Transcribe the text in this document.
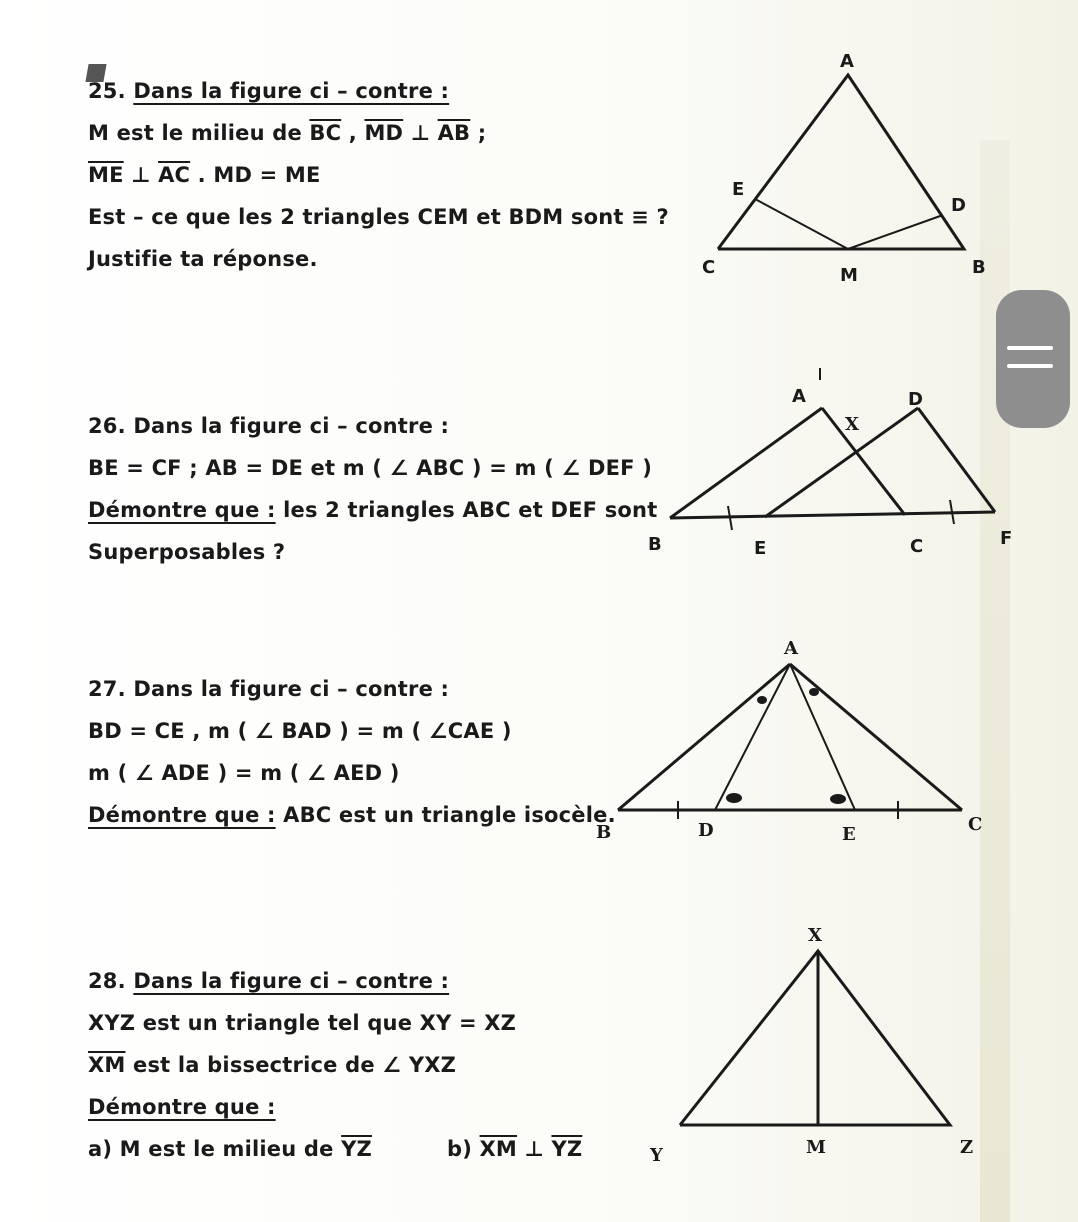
25. Dans la figure ci – contre :
M est le milieu de $\overline{BC}$ , $\overline{MD}$ ⊥ $\overline{AB}$ ;
$\overline{ME}$ ⊥ $\overline{AC}$ . MD = ME
Est – ce que les 2 triangles CEM et BDM sont ≡ ?
Justifie ta réponse.
A
E
D
C	M	B
26. Dans la figure ci – contre :
BE = CF ; AB = DE et m ( ∠ ABC ) = m ( ∠ DEF )
Démontre que : les 2 triangles ABC et DEF sont
Superposables ?
A
X
D
B	E	C	F
27. Dans la figure ci – contre :
BD = CE , m ( ∠ BAD ) = m ( ∠CAE )
m ( ∠ ADE ) = m ( ∠ AED )
Démontre que : ABC est un triangle isocèle.
A
B	D	E	C
28. Dans la figure ci – contre :
XYZ est un triangle tel que XY = XZ
$\overline{XM}$ est la bissectrice de ∠ YXZ
Démontre que :
a) M est le milieu de $\overline{YZ}$	b) $\overline{XM}$ ⊥ $\overline{YZ}$
X
Y	M	Z
